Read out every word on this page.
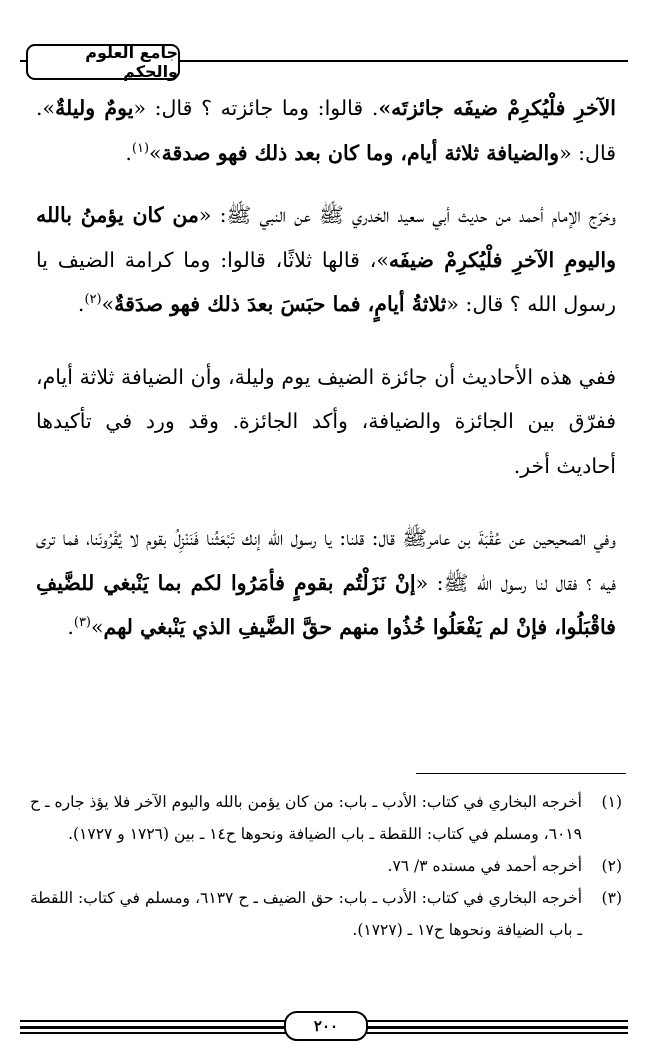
جامع العلوم والحكم

الآخرِ فلْيُكرِمْ ضيفَه جائزتَه». قالوا: وما جائزته ؟ قال: «يومٌ وليلةٌ». قال: «والضيافة ثلاثة أيام، وما كان بعد ذلك فهو صدقة»$^{(١)}$.

وخرّج الإمام أحمد من حديث أبي سعيد الخدري ﷺ عن النبي ﷺ: «من كان يؤمنُ بالله واليومِ الآخرِ فلْيُكرِمْ ضيفَه»، قالها ثلاثًا، قالوا: وما كرامة الضيف يا رسول الله ؟ قال: «ثلاثةُ أيامٍ، فما حبَسَ بعدَ ذلك فهو صدَقةٌ»$^{(٢)}$.

ففي هذه الأحاديث أن جائزة الضيف يوم وليلة، وأن الضيافة ثلاثة أيام، ففرّق بين الجائزة والضيافة، وأكد الجائزة. وقد ورد في تأكيدها أحاديث أخر.

وفي الصحيحين عن عُقْبَةَ بن عامرﷺ قال: قلنا: يا رسول الله إنك تَبْعَثُنا فَنَنْزِلُ بقوم لا يُقْرُونَنا، فما ترى فيه ؟ فقال لنا رسول الله ﷺ: «إنْ نَزَلْتُم بقومٍ فأمَرُوا لكم بما يَنْبغي للضَّيفِ فاقْبَلُوا، فإنْ لم يَفْعَلُوا خُذُوا منهم حقَّ الضَّيفِ الذي يَنْبغي لهم»$^{(٣)}$.

(١)
أخرجه البخاري في كتاب: الأدب ـ باب: من كان يؤمن بالله واليوم الآخر فلا يؤذ جاره ـ ح ٦٠١٩، ومسلم في كتاب: اللقطة ـ باب الضيافة ونحوها ح١٤ ـ بين (١٧٢٦ و ١٧٢٧).
(٢)
أخرجه أحمد في مسنده ٣/ ٧٦.
(٣)
أخرجه البخاري في كتاب: الأدب ـ باب: حق الضيف ـ ح ٦١٣٧، ومسلم في كتاب: اللقطة ـ باب الضيافة ونحوها ح١٧ ـ (١٧٢٧).
٢٠٠
